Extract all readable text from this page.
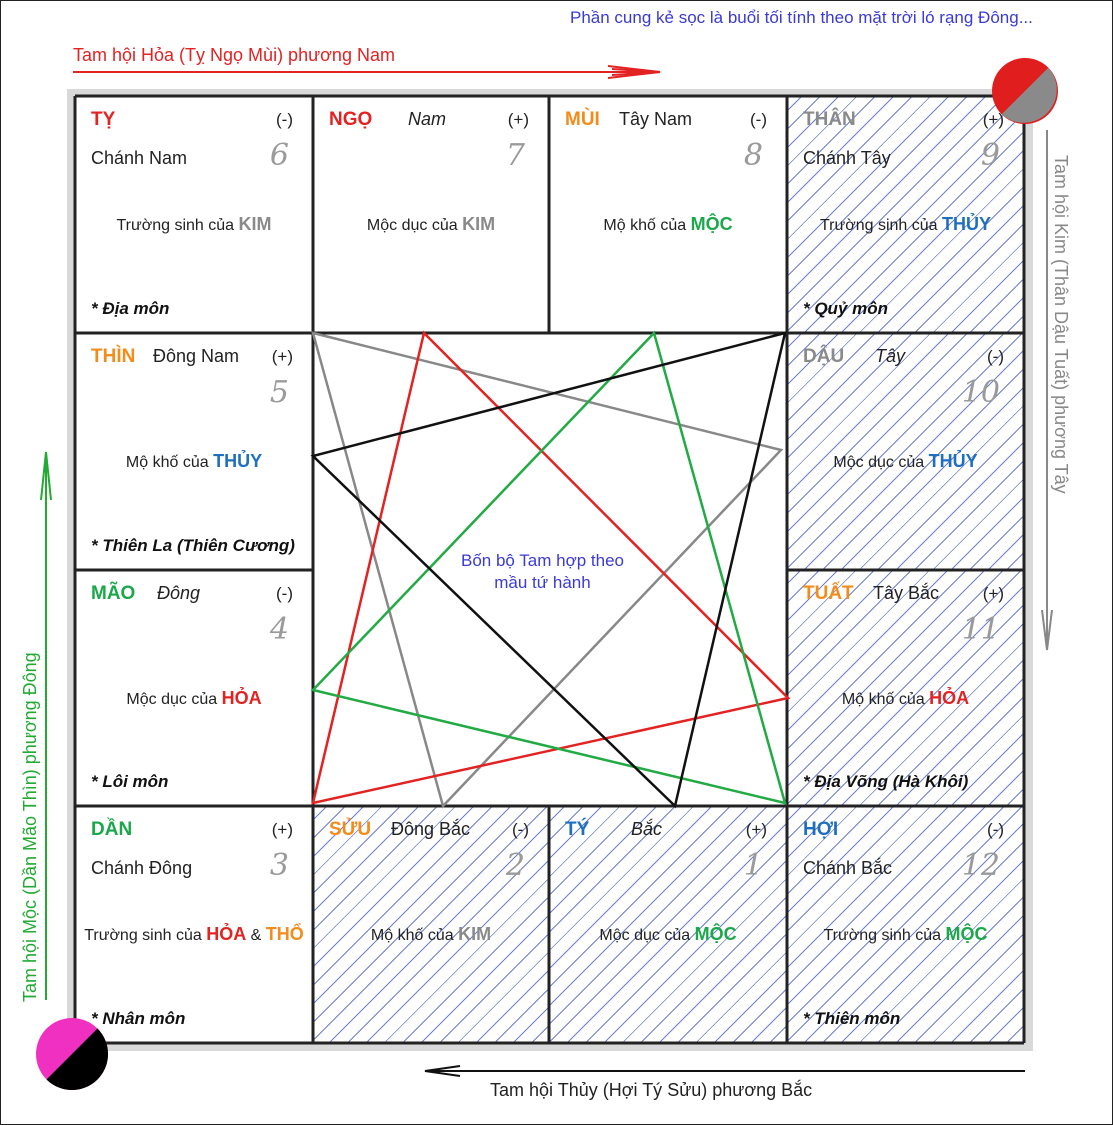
Phần cung kẻ sọc là buổi tối tính theo mặt trời ló rạng Đông...
Tam hội Hỏa (Tỵ Ngọ Mùi) phương Nam
Tam hội Kim (Thân Dậu Tuất) phương Tây
Tam hội Thủy (Hợi Tý Sửu) phương Bắc
Tam hội Mộc (Dần Mão Thìn) phương Đông
TỴ	(-)
Chánh Nam	6
Trường sinh của KIM
* Địa môn
NGỌ Nam	(+)
7
Mộc dục của KIM
MÙI Tây Nam	(-)
8
Mộ khố của MỘC
THÂN	(+)
Chánh Tây	9
Trường sinh của THỦY
* Quỷ môn
THÌN Đông Nam (+)
5
Mộ khố của THỦY
* Thiên La (Thiên Cương)
DẬU Tây	(-)
10
Mộc dục của THỦY
MÃO Đông	(-)
4
Mộc dục của HỎA
* Lôi môn
TUẤT Tây Bắc	(+)
11
Mộ khố của HỎA
* Địa Võng (Hà Khôi)
DẦN	(+)
Chánh Đông	3
Trường sinh của HỎA & THỔ
* Nhân môn
SỬU Đông Bắc (-)
2
Mộ khố của KIM
TÝ Bắc	(+)
1
Mộc dục của MỘC
HỢI	(-)
Chánh Bắc 12
Trường sinh của MỘC
* Thiên môn
Bốn bộ Tam hợp theo mầu tứ hành
